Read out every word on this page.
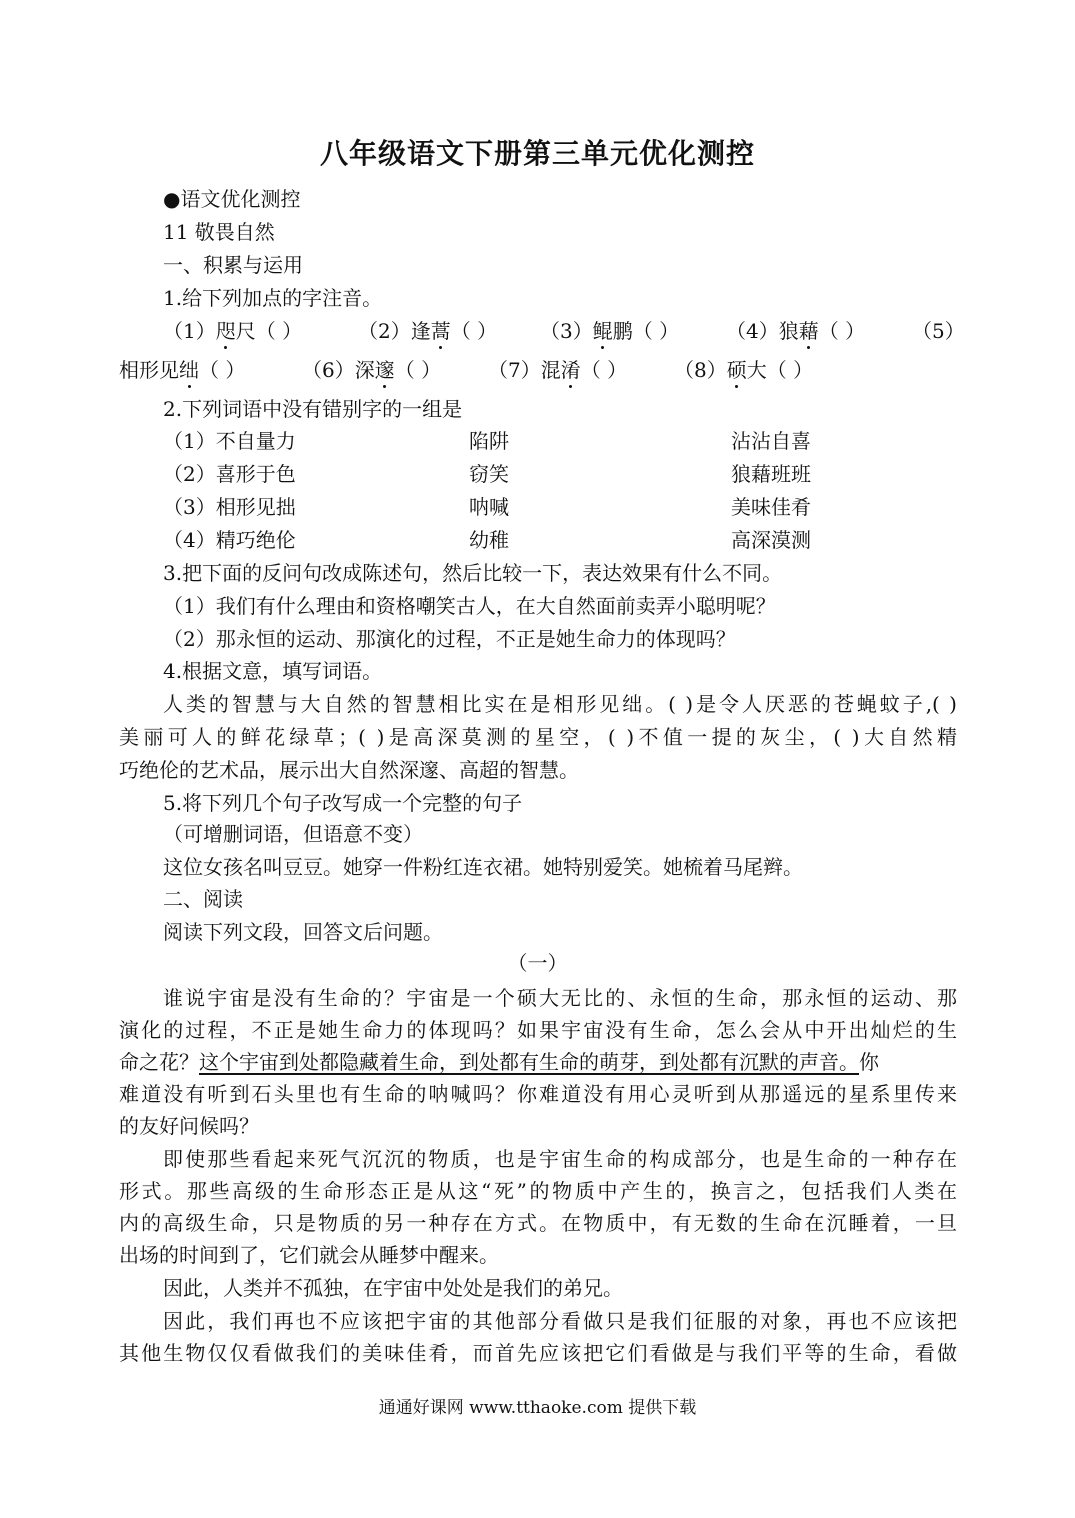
八年级语文下册第三单元优化测控
●语文优化测控
11 敬畏自然
一、积累与运用
1.给下列加点的字注音。
（1）咫尺（ ）	（2）逢蒿（ ） （3）鲲鹏（ ） （4）狼藉（ ） （5）
相形见绌（ ）	（6）深邃（ ） （7）混淆（ ） （8）硕大（ ）
2.下列词语中没有错别字的一组是
（1）不自量力	陷阱	沾沾自喜
（2）喜形于色	窃笑	狼藉班班
（3）相形见拙	呐喊	美味佳肴
（4）精巧绝伦	幼稚	高深漠测
3.把下面的反问句改成陈述句，然后比较一下，表达效果有什么不同。
（1）我们有什么理由和资格嘲笑古人，在大自然面前卖弄小聪明呢？
（2）那永恒的运动、那演化的过程，不正是她生命力的体现吗？
4.根据文意，填写词语。
人类的智慧与大自然的智慧相比实在是相形见绌。( )是令人厌恶的苍蝇蚊子,( )
美丽可人的鲜花绿草；( )是高深莫测的星空，( )不值一提的灰尘，( )大自然精
巧绝伦的艺术品，展示出大自然深邃、高超的智慧。
5.将下列几个句子改写成一个完整的句子
（可增删词语，但语意不变）
这位女孩名叫豆豆。她穿一件粉红连衣裙。她特别爱笑。她梳着马尾辫。
二、阅读
阅读下列文段，回答文后问题。
（一）
谁说宇宙是没有生命的？宇宙是一个硕大无比的、永恒的生命，那永恒的运动、那
演化的过程，不正是她生命力的体现吗？如果宇宙没有生命，怎么会从中开出灿烂的生
命之花？这个宇宙到处都隐藏着生命，到处都有生命的萌芽，到处都有沉默的声音。你
难道没有听到石头里也有生命的呐喊吗？你难道没有用心灵听到从那遥远的星系里传来
的友好问候吗？
即使那些看起来死气沉沉的物质，也是宇宙生命的构成部分，也是生命的一种存在
形式。那些高级的生命形态正是从这“死”的物质中产生的，换言之，包括我们人类在
内的高级生命，只是物质的另一种存在方式。在物质中，有无数的生命在沉睡着，一旦
出场的时间到了，它们就会从睡梦中醒来。
因此，人类并不孤独，在宇宙中处处是我们的弟兄。
因此，我们再也不应该把宇宙的其他部分看做只是我们征服的对象，再也不应该把
其他生物仅仅看做我们的美味佳肴，而首先应该把它们看做是与我们平等的生命，看做
通通好课网 www.tthaoke.com 提供下载
